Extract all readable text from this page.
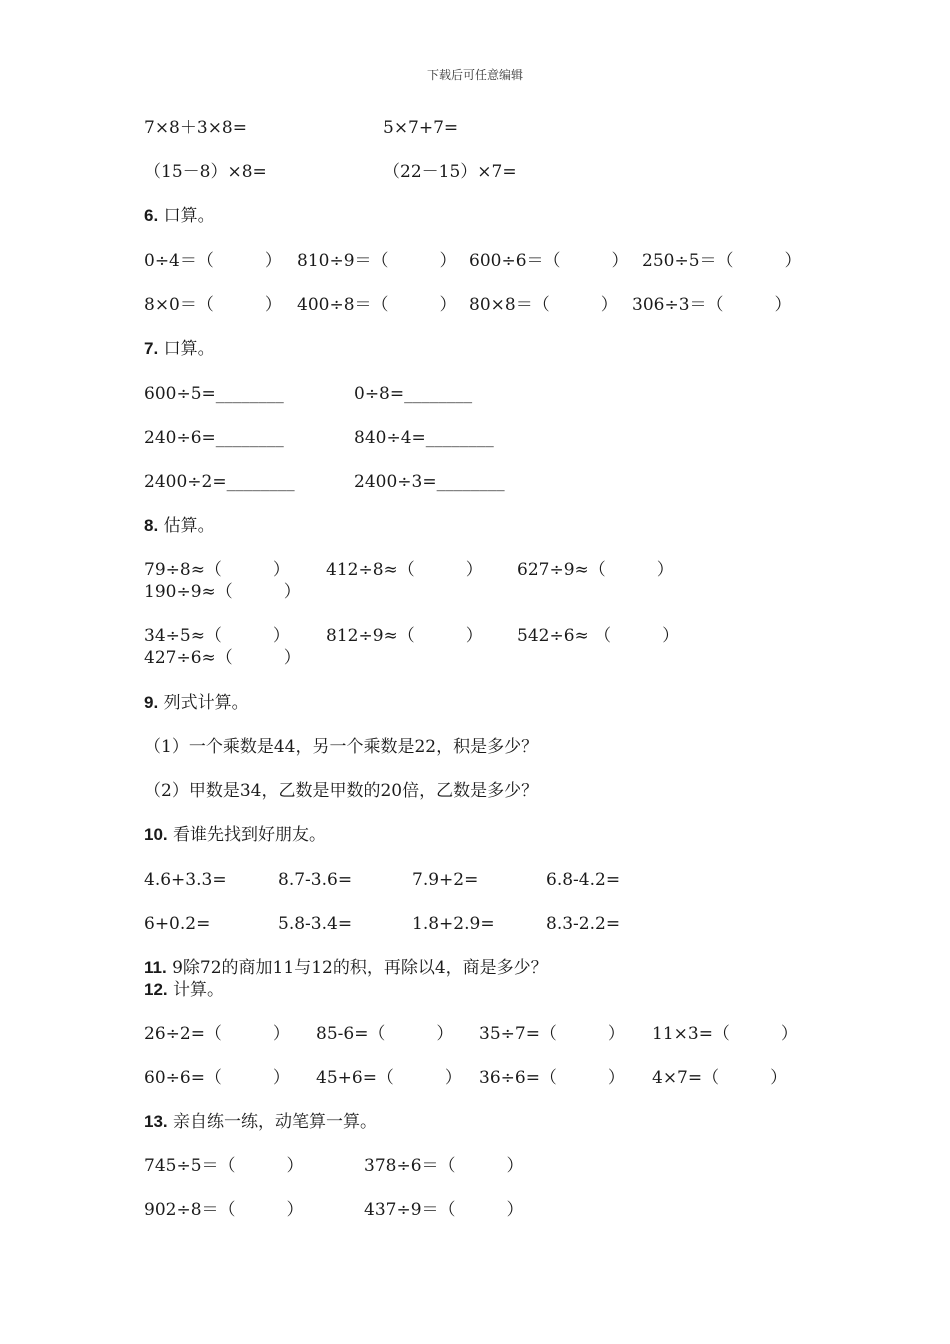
下载后可任意编辑
7×8＋3×8=	5×7+7=
（15－8）×8=	（22－15）×7=
6. 口算。
0÷4＝（　　　） 810÷9＝（　　　） 600÷6＝（　　　） 250÷5＝（　　　）
8×0＝（　　　） 400÷8＝（　　　） 80×8＝（　　　） 306÷3＝（　　　）
7. 口算。
600÷5=________	0÷8=________
240÷6=________	840÷4=________
2400÷2=________	2400÷3=________
8. 估算。
79÷8≈（　　　） 412÷8≈（　　　） 627÷9≈（　　　）
190÷9≈（　　　）
34÷5≈（　　　） 812÷9≈（　　　） 542÷6≈ （　　　）
427÷6≈（　　　）
9. 列式计算。
（1）一个乘数是44，另一个乘数是22，积是多少？
（2）甲数是34，乙数是甲数的20倍，乙数是多少？
10. 看谁先找到好朋友。
4.6+3.3=	8.7-3.6=	7.9+2=	6.8-4.2=
6+0.2=	5.8-3.4=	1.8+2.9=	8.3-2.2=
11. 9除72的商加11与12的积，再除以4，商是多少？
12. 计算。
26÷2=（　　　） 85-6=（　　　） 35÷7=（　　　） 11×3=（　　　）
60÷6=（　　　） 45+6=（　　　） 36÷6=（　　　） 4×7=（　　　）
13. 亲自练一练，动笔算一算。
745÷5＝（　　　）	378÷6＝（　　　）
902÷8＝（　　　）	437÷9＝（　　　）
